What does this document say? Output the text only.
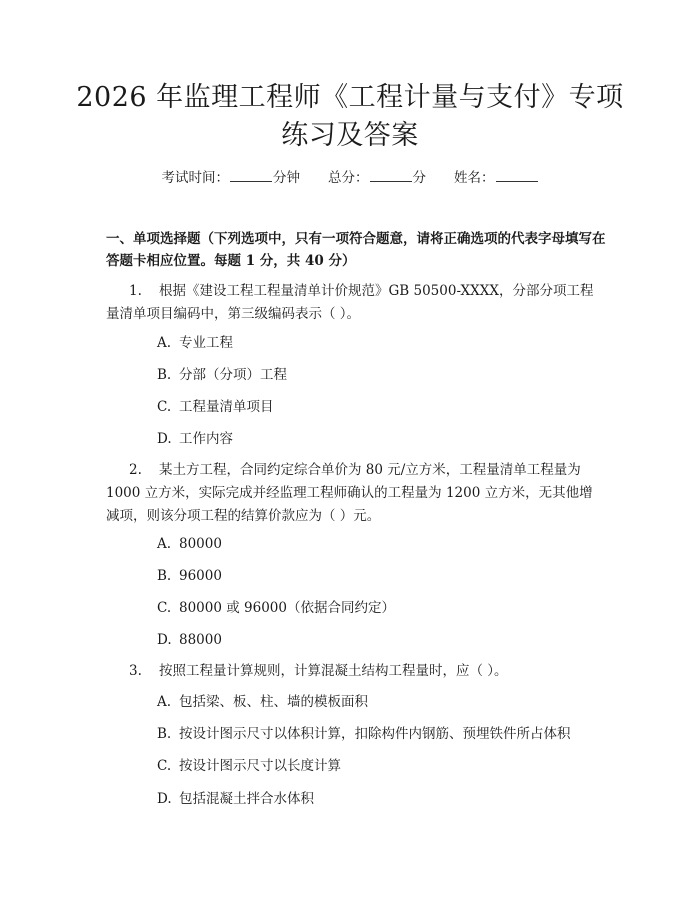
2026 年监理工程师《工程计量与支付》专项
练习及答案
考试时间：	分钟 总分：	分 姓名：

一、单项选择题（下列选项中，只有一项符合题意，请将正确选项的代表字母填写在答题卡相应位置。每题 1 分，共 40 分）

1. 根据《建设工程工程量清单计价规范》GB 50500-XXXX，分部分项工程量清单项目编码中，第三级编码表示（ ）。

A. 专业工程

B. 分部（分项）工程

C. 工程量清单项目

D. 工作内容

2. 某土方工程，合同约定综合单价为 80 元/立方米，工程量清单工程量为 1000 立方米，实际完成并经监理工程师确认的工程量为 1200 立方米，无其他增减项，则该分项工程的结算价款应为（ ）元。

A. 80000

B. 96000

C. 80000 或 96000（依据合同约定）

D. 88000

3. 按照工程量计算规则，计算混凝土结构工程量时，应（ ）。

A. 包括梁、板、柱、墙的模板面积

B. 按设计图示尺寸以体积计算，扣除构件内钢筋、预埋铁件所占体积

C. 按设计图示尺寸以长度计算

D. 包括混凝土拌合水体积
